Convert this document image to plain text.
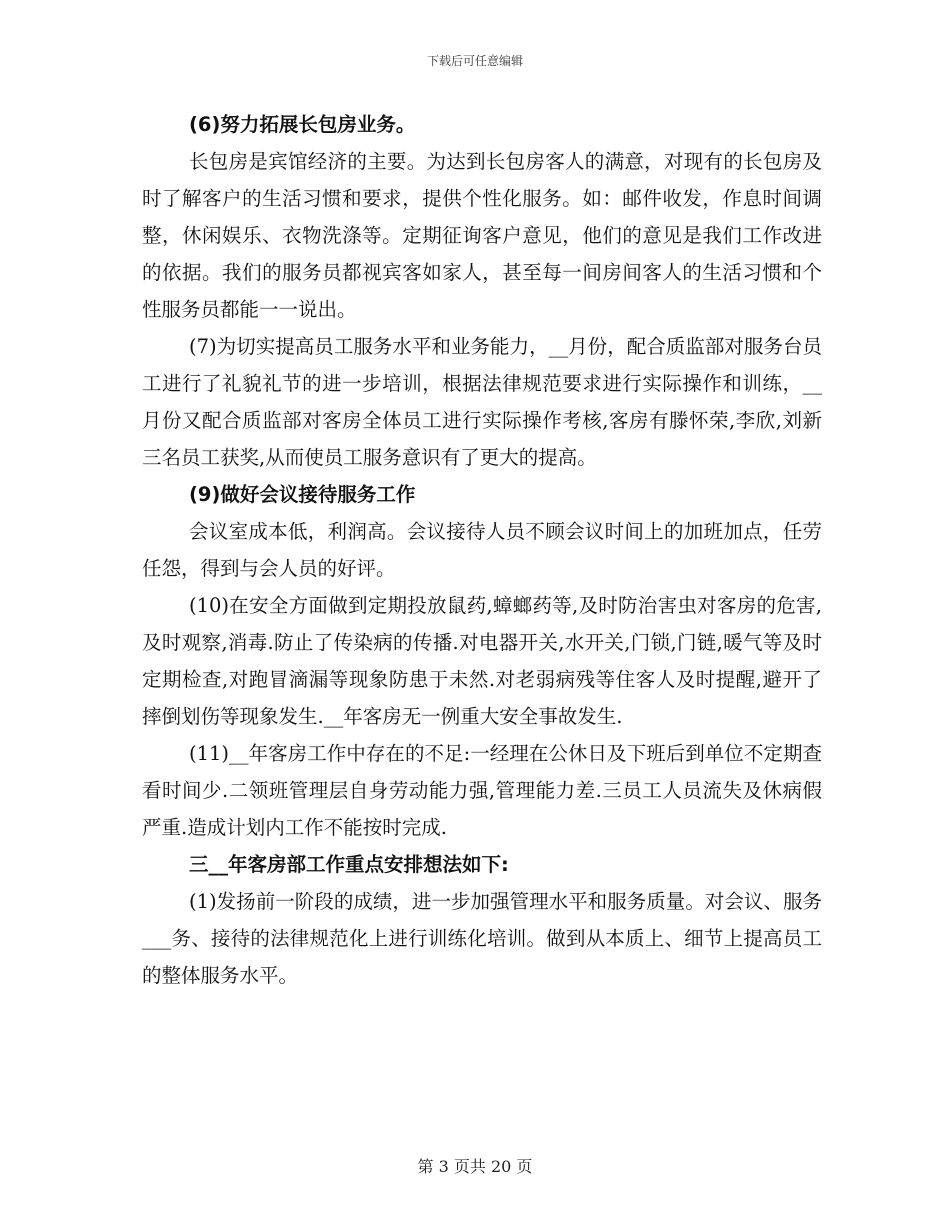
下载后可任意编辑

(6)努力拓展长包房业务。

长包房是宾馆经济的主要。为达到长包房客人的满意，对现有的长包房及时了解客户的生活习惯和要求，提供个性化服务。如：邮件收发，作息时间调整，休闲娱乐、衣物洗涤等。定期征询客户意见，他们的意见是我们工作改进的依据。我们的服务员都视宾客如家人，甚至每一间房间客人的生活习惯和个性服务员都能一一说出。

(7)为切实提高员工服务水平和业务能力，__月份，配合质监部对服务台员工进行了礼貌礼节的进一步培训，根据法律规范要求进行实际操作和训练，__月份又配合质监部对客房全体员工进行实际操作考核,客房有滕怀荣,李欣,刘新三名员工获奖,从而使员工服务意识有了更大的提高。

(9)做好会议接待服务工作

会议室成本低，利润高。会议接待人员不顾会议时间上的加班加点，任劳任怨，得到与会人员的好评。

(10)在安全方面做到定期投放鼠药,蟑螂药等,及时防治害虫对客房的危害,及时观察,消毒.防止了传染病的传播.对电器开关,水开关,门锁,门链,暖气等及时定期检查,对跑冒滴漏等现象防患于未然.对老弱病残等住客人及时提醒,避开了摔倒划伤等现象发生.__年客房无一例重大安全事故发生.

(11)__年客房工作中存在的不足:一经理在公休日及下班后到单位不定期查看时间少.二领班管理层自身劳动能力强,管理能力差.三员工人员流失及休病假严重.造成计划内工作不能按时完成.

三__年客房部工作重点安排想法如下:

(1)发扬前一阶段的成绩，进一步加强管理水平和服务质量。对会议、服务___务、接待的法律规范化上进行训练化培训。做到从本质上、细节上提高员工的整体服务水平。

第 3 页共 20 页
